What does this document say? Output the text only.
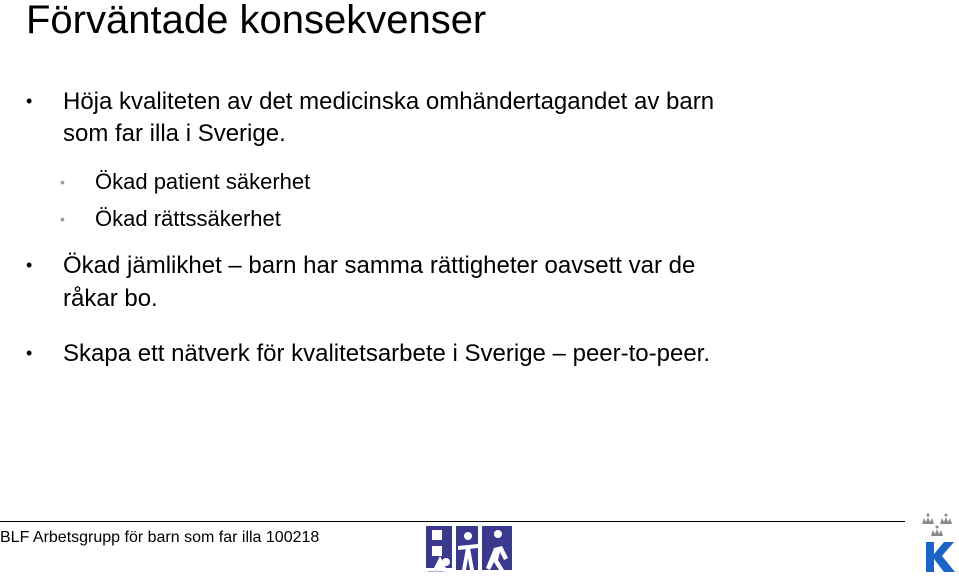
Förväntade konsekvenser
• Höja kvaliteten av det medicinska omhändertagandet av barn
som far illa i Sverige.
• Ökad patient säkerhet
• Ökad rättssäkerhet
• Ökad jämlikhet – barn har samma rättigheter oavsett var de
råkar bo.
• Skapa ett nätverk för kvalitetsarbete i Sverige – peer-to-peer.
BLF Arbetsgrupp för barn som far illa 100218
—~—
